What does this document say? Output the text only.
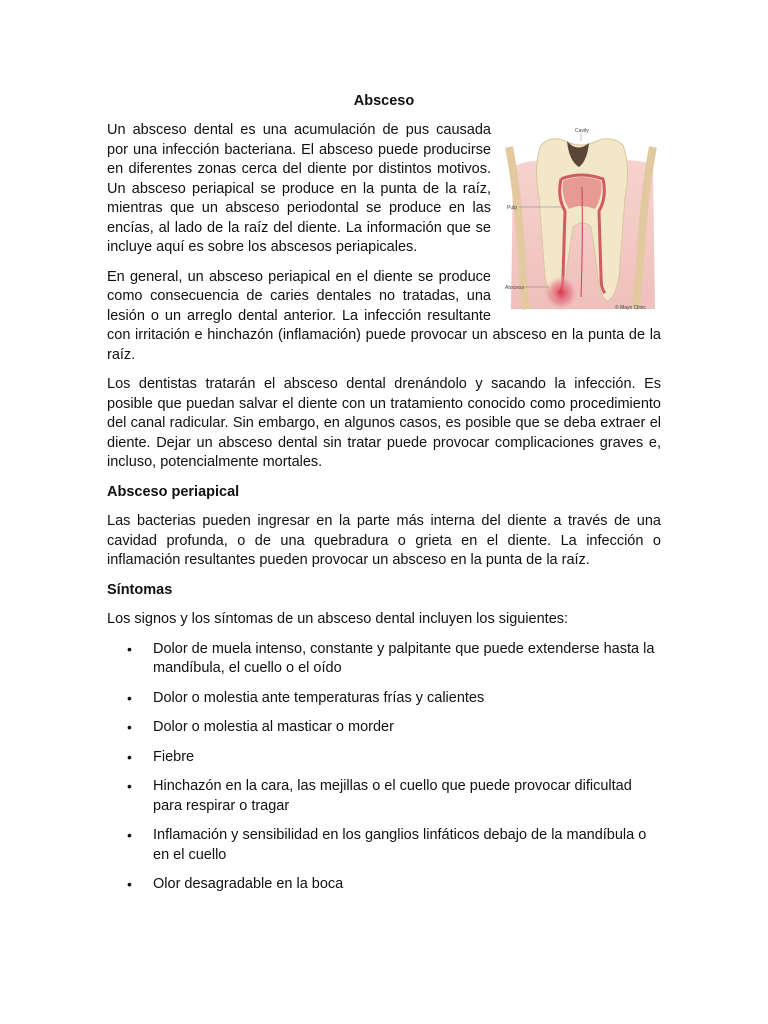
Absceso

Cavity
Pulp
Abscess
© Mayo Clinic
Un absceso dental es una acumulación de pus causada por una infección bacteriana. El absceso puede producirse en diferentes zonas cerca del diente por distintos motivos. Un absceso periapical se produce en la punta de la raíz, mientras que un absceso periodontal se produce en las encías, al lado de la raíz del diente. La información que se incluye aquí es sobre los abscesos periapicales.

En general, un absceso periapical en el diente se produce como consecuencia de caries dentales no tratadas, una lesión o un arreglo dental anterior. La infección resultante con irritación e hinchazón (inflamación) puede provocar un absceso en la punta de la raíz.

Los dentistas tratarán el absceso dental drenándolo y sacando la infección. Es posible que puedan salvar el diente con un tratamiento conocido como procedimiento del canal radicular. Sin embargo, en algunos casos, es posible que se deba extraer el diente. Dejar un absceso dental sin tratar puede provocar complicaciones graves e, incluso, potencialmente mortales.

Absceso periapical

Las bacterias pueden ingresar en la parte más interna del diente a través de una cavidad profunda, o de una quebradura o grieta en el diente. La infección o inflamación resultantes pueden provocar un absceso en la punta de la raíz.

Síntomas

Los signos y los síntomas de un absceso dental incluyen los siguientes:

• Dolor de muela intenso, constante y palpitante que puede extenderse hasta la mandíbula, el cuello o el oído
• Dolor o molestia ante temperaturas frías y calientes
• Dolor o molestia al masticar o morder
• Fiebre
• Hinchazón en la cara, las mejillas o el cuello que puede provocar dificultad para respirar o tragar
• Inflamación y sensibilidad en los ganglios linfáticos debajo de la mandíbula o en el cuello
• Olor desagradable en la boca
